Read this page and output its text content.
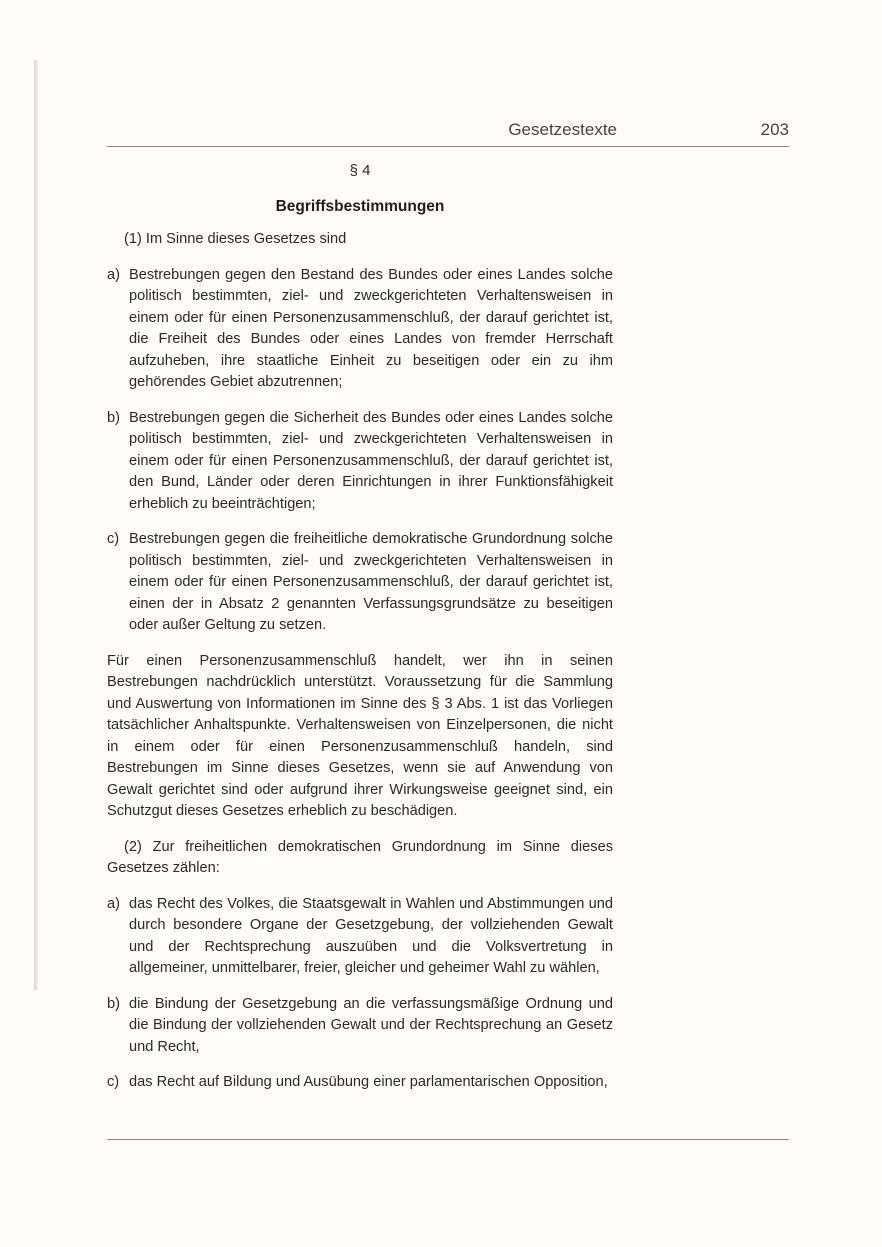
Gesetzestexte	203
§ 4
Begriffsbestimmungen

(1) Im Sinne dieses Gesetzes sind

a) Bestrebungen gegen den Bestand des Bundes oder eines Landes solche politisch bestimmten, ziel- und zweckgerichteten Verhaltensweisen in einem oder für einen Personenzusammenschluß, der darauf gerichtet ist, die Freiheit des Bundes oder eines Landes von fremder Herrschaft aufzuheben, ihre staatliche Einheit zu beseitigen oder ein zu ihm gehörendes Gebiet abzutrennen;
b) Bestrebungen gegen die Sicherheit des Bundes oder eines Landes solche politisch bestimmten, ziel- und zweckgerichteten Verhaltensweisen in einem oder für einen Personenzusammenschluß, der darauf gerichtet ist, den Bund, Länder oder deren Einrichtungen in ihrer Funktionsfähigkeit erheblich zu beeinträchtigen;
c) Bestrebungen gegen die freiheitliche demokratische Grundordnung solche politisch bestimmten, ziel- und zweckgerichteten Verhaltensweisen in einem oder für einen Personenzusammenschluß, der darauf gerichtet ist, einen der in Absatz 2 genannten Verfassungsgrundsätze zu beseitigen oder außer Geltung zu setzen.

Für einen Personenzusammenschluß handelt, wer ihn in seinen Bestrebungen nachdrücklich unterstützt. Voraussetzung für die Sammlung und Auswertung von Informationen im Sinne des § 3 Abs. 1 ist das Vorliegen tatsächlicher Anhaltspunkte. Verhaltensweisen von Einzelpersonen, die nicht in einem oder für einen Personenzusammenschluß handeln, sind Bestrebungen im Sinne dieses Gesetzes, wenn sie auf Anwendung von Gewalt gerichtet sind oder aufgrund ihrer Wirkungsweise geeignet sind, ein Schutzgut dieses Gesetzes erheblich zu beschädigen.

(2) Zur freiheitlichen demokratischen Grundordnung im Sinne dieses Gesetzes zählen:

a) das Recht des Volkes, die Staatsgewalt in Wahlen und Abstimmungen und durch besondere Organe der Gesetzgebung, der vollziehenden Gewalt und der Rechtsprechung auszuüben und die Volksvertretung in allgemeiner, unmittelbarer, freier, gleicher und geheimer Wahl zu wählen,
b) die Bindung der Gesetzgebung an die verfassungsmäßige Ordnung und die Bindung der vollziehenden Gewalt und der Rechtsprechung an Gesetz und Recht,
c) das Recht auf Bildung und Ausübung einer parlamentarischen Opposition,
